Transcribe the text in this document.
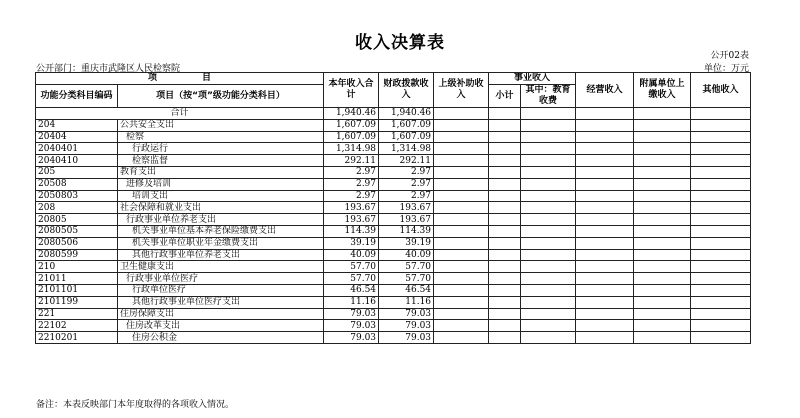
收入决算表
公开02表
公开部门：重庆市武隆区人民检察院	单位：万元
项　　　　　目		本年收入合计	财政拨款收入	上级补助收入	事业收入		经营收入	附属单位上缴收入	其他收入
功能分类科目编码	项目（按“项”级功能分类科目）				小计	其中：教育收费			

合计		1,940.46	1,940.46						
204	公共安全支出	1,607.09	1,607.09						
20404	检察	1,607.09	1,607.09						
2040401	行政运行	1,314.98	1,314.98						
2040410	检察监督	292.11	292.11						
205	教育支出	2.97	2.97						
20508	进修及培训	2.97	2.97						
2050803	培训支出	2.97	2.97						
208	社会保障和就业支出	193.67	193.67						
20805	行政事业单位养老支出	193.67	193.67						
2080505	机关事业单位基本养老保险缴费支出	114.39	114.39						
2080506	机关事业单位职业年金缴费支出	39.19	39.19						
2080599	其他行政事业单位养老支出	40.09	40.09						
210	卫生健康支出	57.70	57.70						
21011	行政事业单位医疗	57.70	57.70						
2101101	行政单位医疗	46.54	46.54						
2101199	其他行政事业单位医疗支出	11.16	11.16						
221	住房保障支出	79.03	79.03						
22102	住房改革支出	79.03	79.03						
2210201	住房公积金	79.03	79.03						
备注：本表反映部门本年度取得的各项收入情况。
